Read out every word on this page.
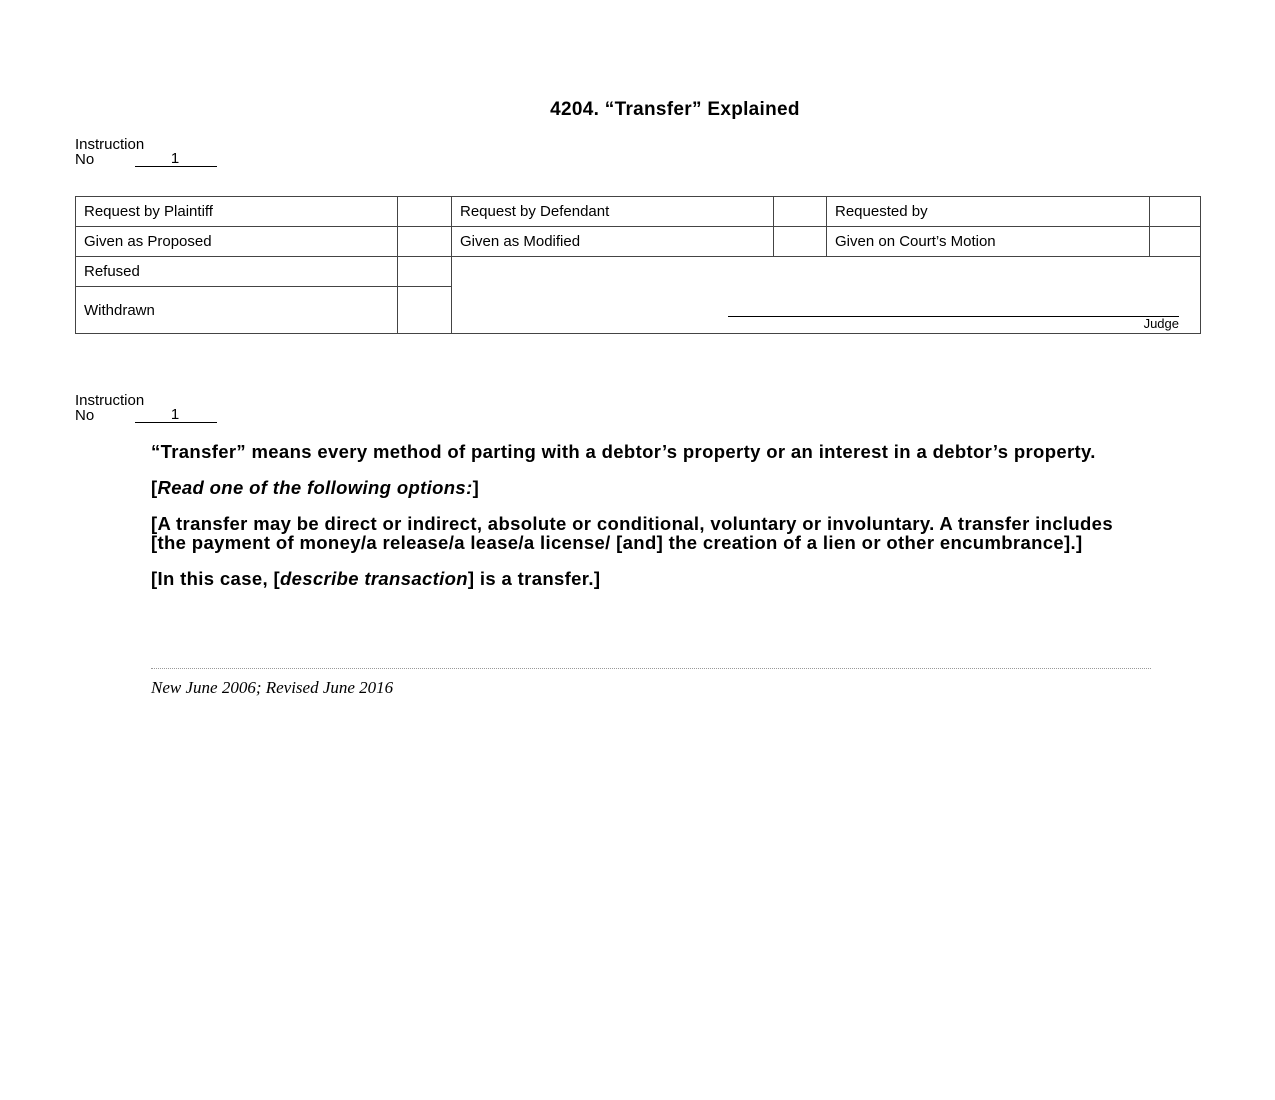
4204. “Transfer” Explained
Instruction
No	1
Request by Plaintiff		Request by Defendant		Requested by	
Given as Proposed		Given as Modified		Given on Court’s Motion	
Refused		Judge			

Withdrawn					
Instruction
No	1

“Transfer” means every method of parting with a debtor’s property or an interest in a debtor’s property.

[Read one of the following options:]

[A transfer may be direct or indirect, absolute or conditional, voluntary or involuntary. A transfer includes [the payment of money/a release/a lease/a license/ [and] the creation of a lien or other encumbrance].]

[In this case, [describe transaction] is a transfer.]

New June 2006; Revised June 2016
